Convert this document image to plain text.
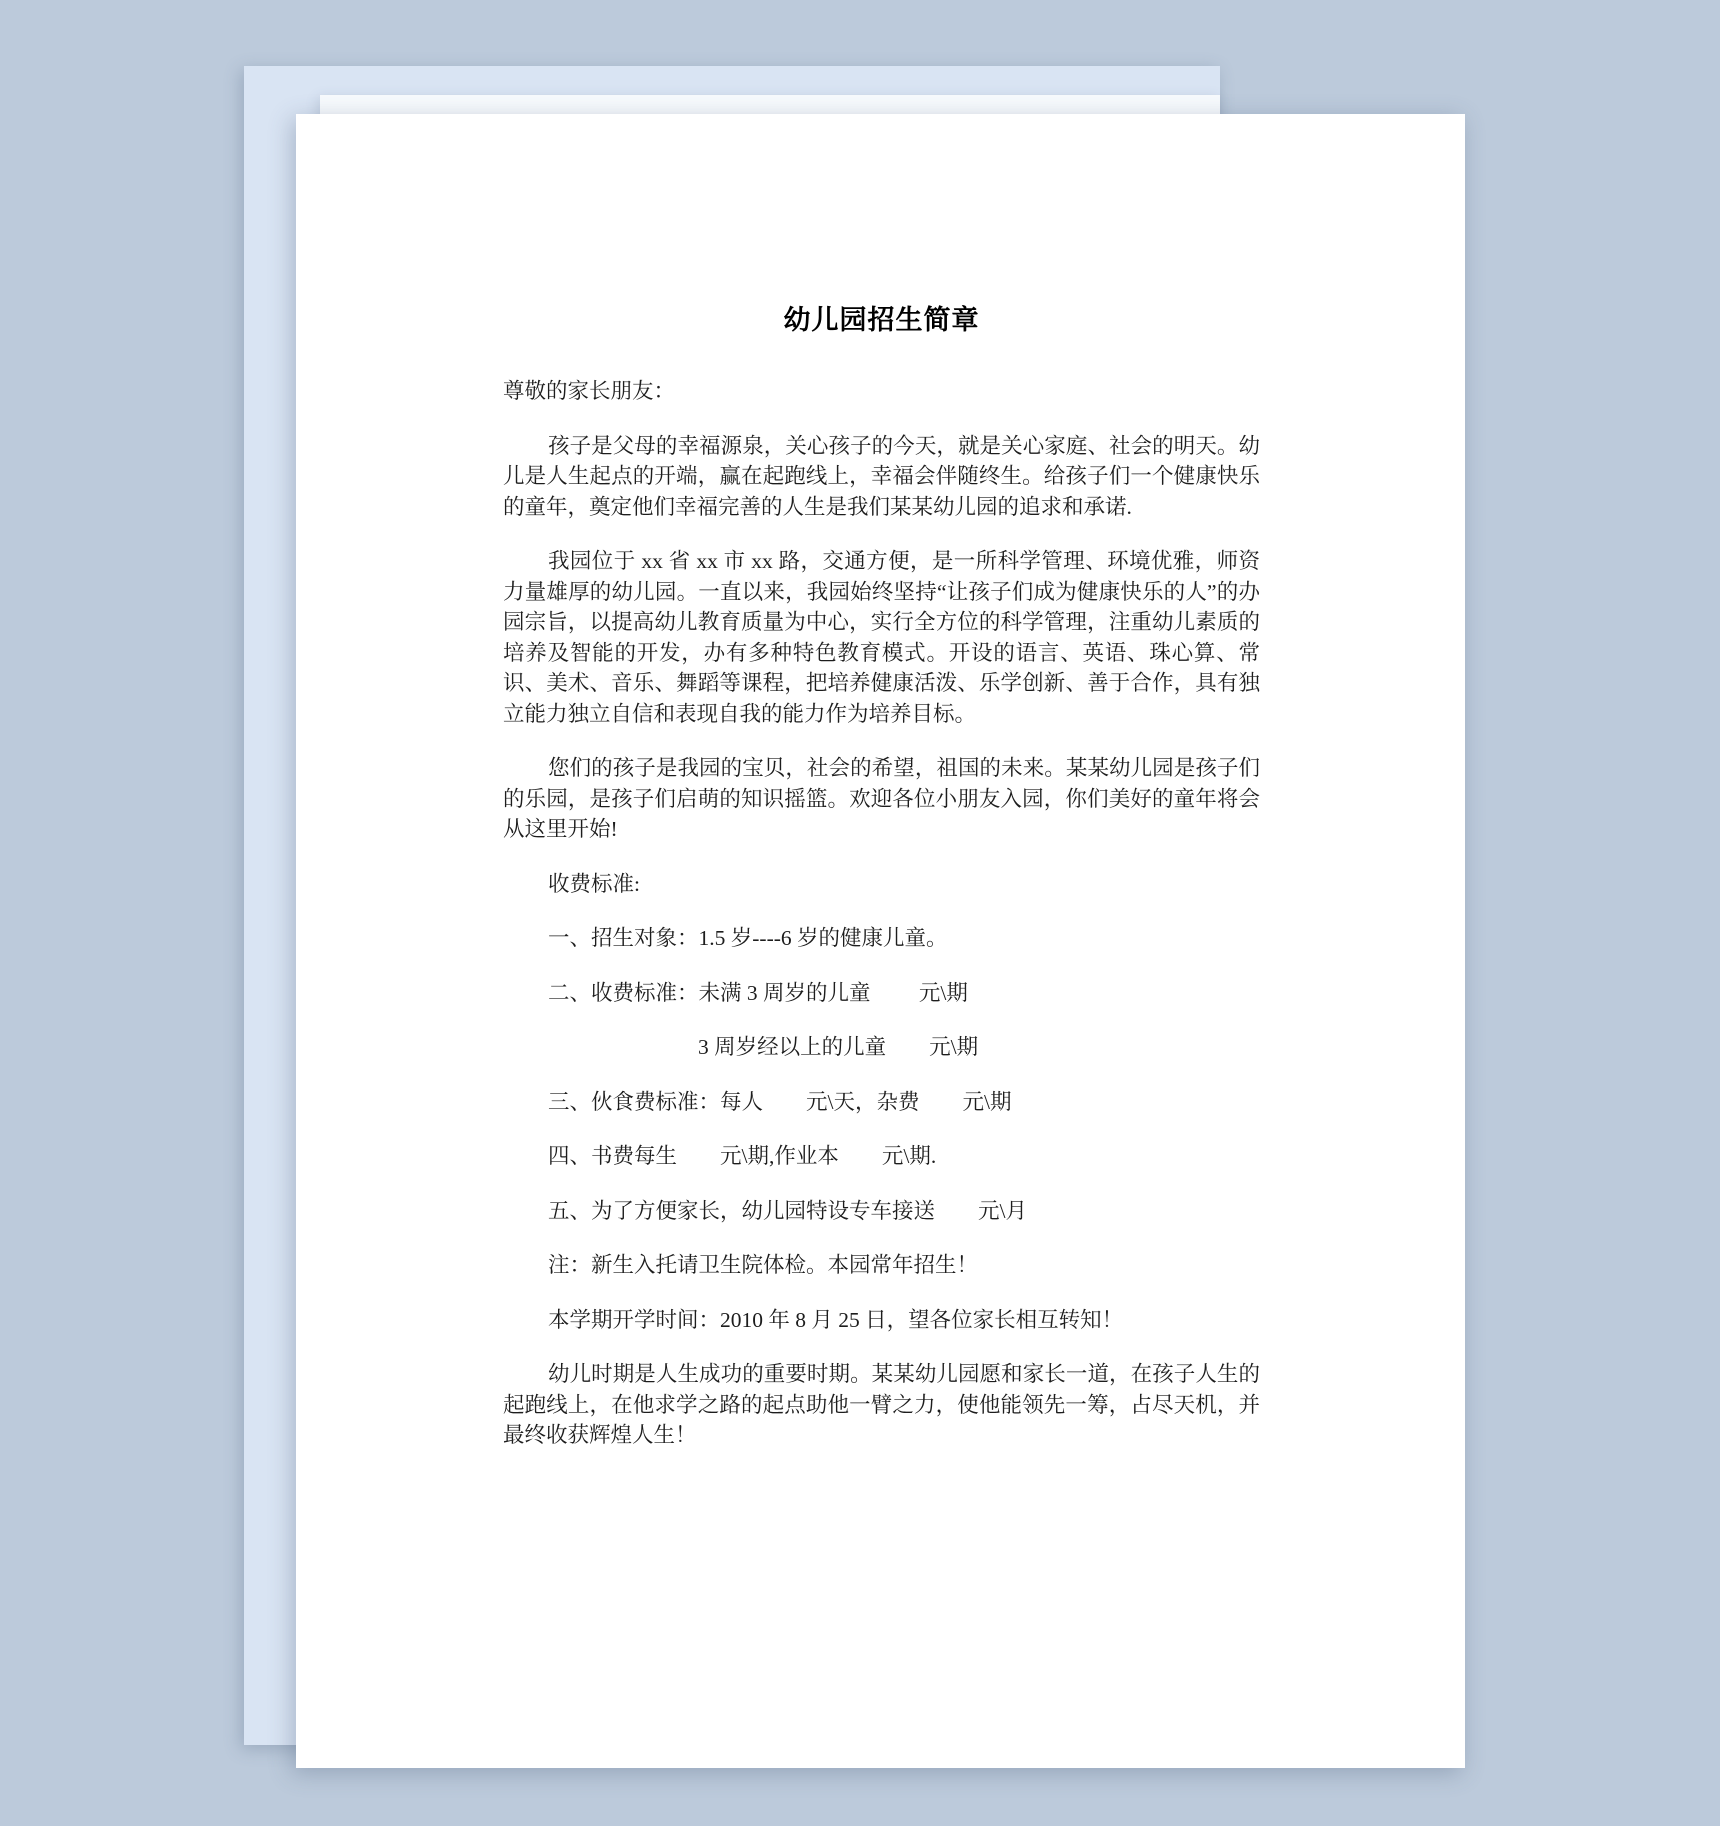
幼儿园招生简章

尊敬的家长朋友：

孩子是父母的幸福源泉，关心孩子的今天，就是关心家庭、社会的明天。幼儿是人生起点的开端，赢在起跑线上，幸福会伴随终生。给孩子们一个健康快乐的童年，奠定他们幸福完善的人生是我们某某幼儿园的追求和承诺.

我园位于 xx 省 xx 市 xx 路，交通方便，是一所科学管理、环境优雅，师资力量雄厚的幼儿园。一直以来，我园始终坚持“让孩子们成为健康快乐的人”的办园宗旨，以提高幼儿教育质量为中心，实行全方位的科学管理，注重幼儿素质的培养及智能的开发，办有多种特色教育模式。开设的语言、英语、珠心算、常识、美术、音乐、舞蹈等课程，把培养健康活泼、乐学创新、善于合作，具有独立能力独立自信和表现自我的能力作为培养目标。

您们的孩子是我园的宝贝，社会的希望，祖国的未来。某某幼儿园是孩子们的乐园，是孩子们启萌的知识摇篮。欢迎各位小朋友入园，你们美好的童年将会从这里开始!

收费标准:

一、招生对象：1.5 岁----6 岁的健康儿童。

二、收费标准：未满 3 周岁的儿童　　 元\期

3 周岁经以上的儿童　　元\期

三、伙食费标准：每人　　元\天，杂费　　元\期

四、书费每生　　元\期,作业本　　元\期.

五、为了方便家长，幼儿园特设专车接送　　元\月

注：新生入托请卫生院体检。本园常年招生！

本学期开学时间：2010 年 8 月 25 日，望各位家长相互转知！

幼儿时期是人生成功的重要时期。某某幼儿园愿和家长一道，在孩子人生的起跑线上，在他求学之路的起点助他一臂之力，使他能领先一筹，占尽天机，并最终收获辉煌人生！
